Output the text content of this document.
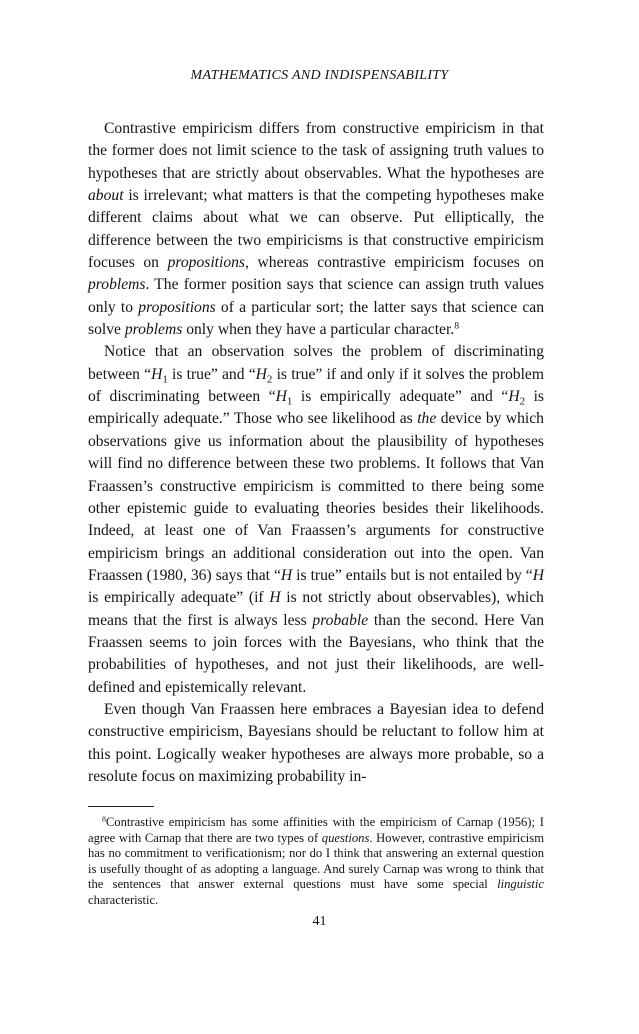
MATHEMATICS AND INDISPENSABILITY

Contrastive empiricism differs from constructive empiricism in that the former does not limit science to the task of assigning truth values to hypotheses that are strictly about observables. What the hypotheses are about is irrelevant; what matters is that the competing hypotheses make different claims about what we can observe. Put elliptically, the difference between the two empiricisms is that constructive empiricism focuses on propositions, whereas contrastive empiricism focuses on problems. The former position says that science can assign truth values only to propositions of a particular sort; the latter says that science can solve problems only when they have a particular character.$^8$

Notice that an observation solves the problem of discriminating between “$H_1$ is true” and “$H_2$ is true” if and only if it solves the problem of discriminating between “$H_1$ is empirically adequate” and “$H_2$ is empirically adequate.” Those who see likelihood as the device by which observations give us information about the plausibility of hypotheses will find no difference between these two problems. It follows that Van Fraassen’s constructive empiricism is committed to there being some other epistemic guide to evaluating theories besides their likelihoods. Indeed, at least one of Van Fraassen’s arguments for constructive empiricism brings an additional consideration out into the open. Van Fraassen (1980, 36) says that “H is true” entails but is not entailed by “H is empirically adequate” (if H is not strictly about observables), which means that the first is always less probable than the second. Here Van Fraassen seems to join forces with the Bayesians, who think that the probabilities of hypotheses, and not just their likelihoods, are well-defined and epistemically relevant.

Even though Van Fraassen here embraces a Bayesian idea to defend constructive empiricism, Bayesians should be reluctant to follow him at this point. Logically weaker hypotheses are always more probable, so a resolute focus on maximizing probability in-

$^8$Contrastive empiricism has some affinities with the empiricism of Carnap (1956); I agree with Carnap that there are two types of questions. However, contrastive empiricism has no commitment to verificationism; nor do I think that answering an external question is usefully thought of as adopting a language. And surely Carnap was wrong to think that the sentences that answer external questions must have some special linguistic characteristic.

41
